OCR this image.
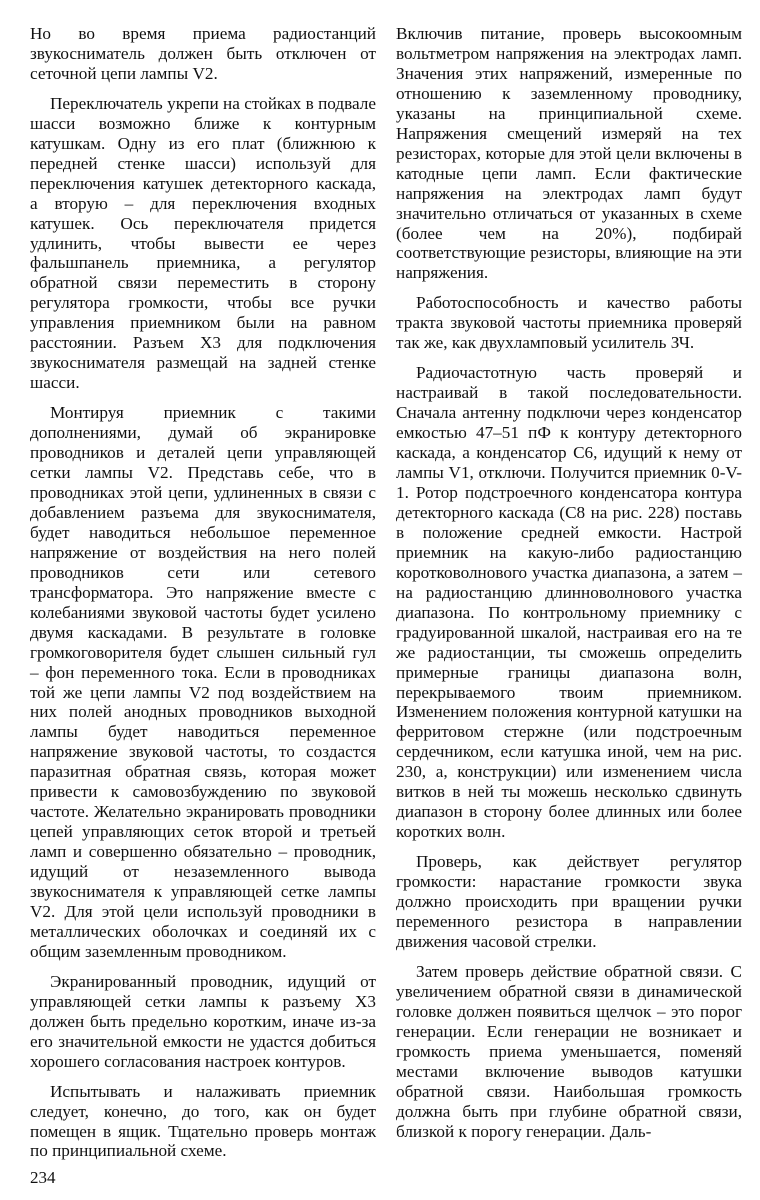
Но во время приема радиостанций звукосниматель должен быть отключен от сеточной цепи лампы V2.

Переключатель укрепи на стойках в подвале шасси возможно ближе к контурным катушкам. Одну из его плат (ближнюю к передней стенке шасси) используй для переключения катушек детекторного каскада, а вторую – для переключения входных катушек. Ось переключателя придется удлинить, чтобы вывести ее через фальшпанель приемника, а регулятор обратной связи переместить в сторону регулятора громкости, чтобы все ручки управления приемником были на равном расстоянии. Разъем X3 для подключения звукоснимателя размещай на задней стенке шасси.

Монтируя приемник с такими дополнениями, думай об экранировке проводников и деталей цепи управляющей сетки лампы V2. Представь себе, что в проводниках этой цепи, удлиненных в связи с добавлением разъема для звукоснимателя, будет наводиться небольшое переменное напряжение от воздействия на него полей проводников сети или сетевого трансформатора. Это напряжение вместе с колебаниями звуковой частоты будет усилено двумя каскадами. В результате в головке громкоговорителя будет слышен сильный гул – фон переменного тока. Если в проводниках той же цепи лампы V2 под воздействием на них полей анодных проводников выходной лампы будет наводиться переменное напряжение звуковой частоты, то создастся паразитная обратная связь, которая может привести к самовозбуждению по звуковой частоте. Желательно экранировать проводники цепей управляющих сеток второй и третьей ламп и совершенно обязательно – проводник, идущий от незаземленного вывода звукоснимателя к управляющей сетке лампы V2. Для этой цели используй проводники в металлических оболочках и соединяй их с общим заземленным проводником.

Экранированный проводник, идущий от управляющей сетки лампы к разъему X3 должен быть предельно коротким, иначе из-за его значительной емкости не удастся добиться хорошего согласования настроек контуров.

Испытывать и налаживать приемник следует, конечно, до того, как он будет помещен в ящик. Тщательно проверь монтаж по принципиальной схеме.

Включив питание, проверь высокоомным вольтметром напряжения на электродах ламп. Значения этих напряжений, измеренные по отношению к заземленному проводнику, указаны на принципиальной схеме. Напряжения смещений измеряй на тех резисторах, которые для этой цели включены в катодные цепи ламп. Если фактические напряжения на электродах ламп будут значительно отличаться от указанных в схеме (более чем на 20%), подбирай соответствующие резисторы, влияющие на эти напряжения.

Работоспособность и качество работы тракта звуковой частоты приемника проверяй так же, как двухламповый усилитель ЗЧ.

Радиочастотную часть проверяй и настраивай в такой последовательности. Сначала антенну подключи через конденсатор емкостью 47–51 пФ к контуру детекторного каскада, а конденсатор С6, идущий к нему от лампы V1, отключи. Получится приемник 0-V-1. Ротор подстроечного конденсатора контура детекторного каскада (С8 на рис. 228) поставь в положение средней емкости. Настрой приемник на какую-либо радиостанцию коротковолнового участка диапазона, а затем – на радиостанцию длинноволнового участка диапазона. По контрольному приемнику с градуированной шкалой, настраивая его на те же радиостанции, ты сможешь определить примерные границы диапазона волн, перекрываемого твоим приемником. Изменением положения контурной катушки на ферритовом стержне (или подстроечным сердечником, если катушка иной, чем на рис. 230, а, конструкции) или изменением числа витков в ней ты можешь несколько сдвинуть диапазон в сторону более длинных или более коротких волн.

Проверь, как действует регулятор громкости: нарастание громкости звука должно происходить при вращении ручки переменного резистора в направлении движения часовой стрелки.

Затем проверь действие обратной связи. С увеличением обратной связи в динамической головке должен появиться щелчок – это порог генерации. Если генерации не возникает и громкость приема уменьшается, поменяй местами включение выводов катушки обратной связи. Наибольшая громкость должна быть при глубине обратной связи, близкой к порогу генерации. Даль-

234
